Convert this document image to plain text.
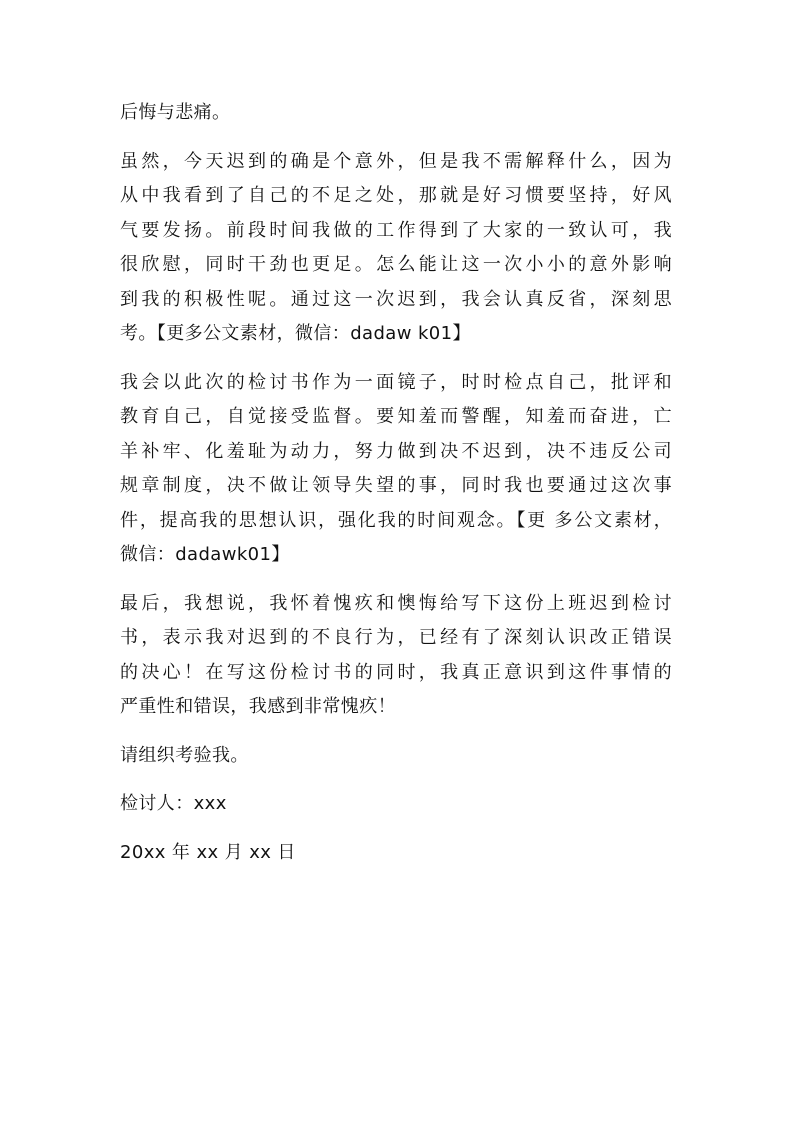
后悔与悲痛。

虽然，今天迟到的确是个意外，但是我不需解释什么，因为
从中我看到了自己的不足之处，那就是好习惯要坚持，好风
气要发扬。前段时间我做的工作得到了大家的一致认可，我
很欣慰，同时干劲也更足。怎么能让这一次小小的意外影响
到我的积极性呢。通过这一次迟到，我会认真反省，深刻思
考。【更多公文素材，微信：dadaw k01】

我会以此次的检讨书作为一面镜子，时时检点自己，批评和
教育自己，自觉接受监督。要知羞而警醒，知羞而奋进，亡
羊补牢、化羞耻为动力，努力做到决不迟到，决不违反公司
规章制度，决不做让领导失望的事，同时我也要通过这次事
件，提高我的思想认识，强化我的时间观念。【更 多公文素材，
微信：dadawk01】

最后，我想说，我怀着愧疚和懊悔给写下这份上班迟到检讨
书，表示我对迟到的不良行为，已经有了深刻认识改正错误
的决心！在写这份检讨书的同时，我真正意识到这件事情的
严重性和错误，我感到非常愧疚！

请组织考验我。

检讨人：xxx

20xx 年 xx 月 xx 日
